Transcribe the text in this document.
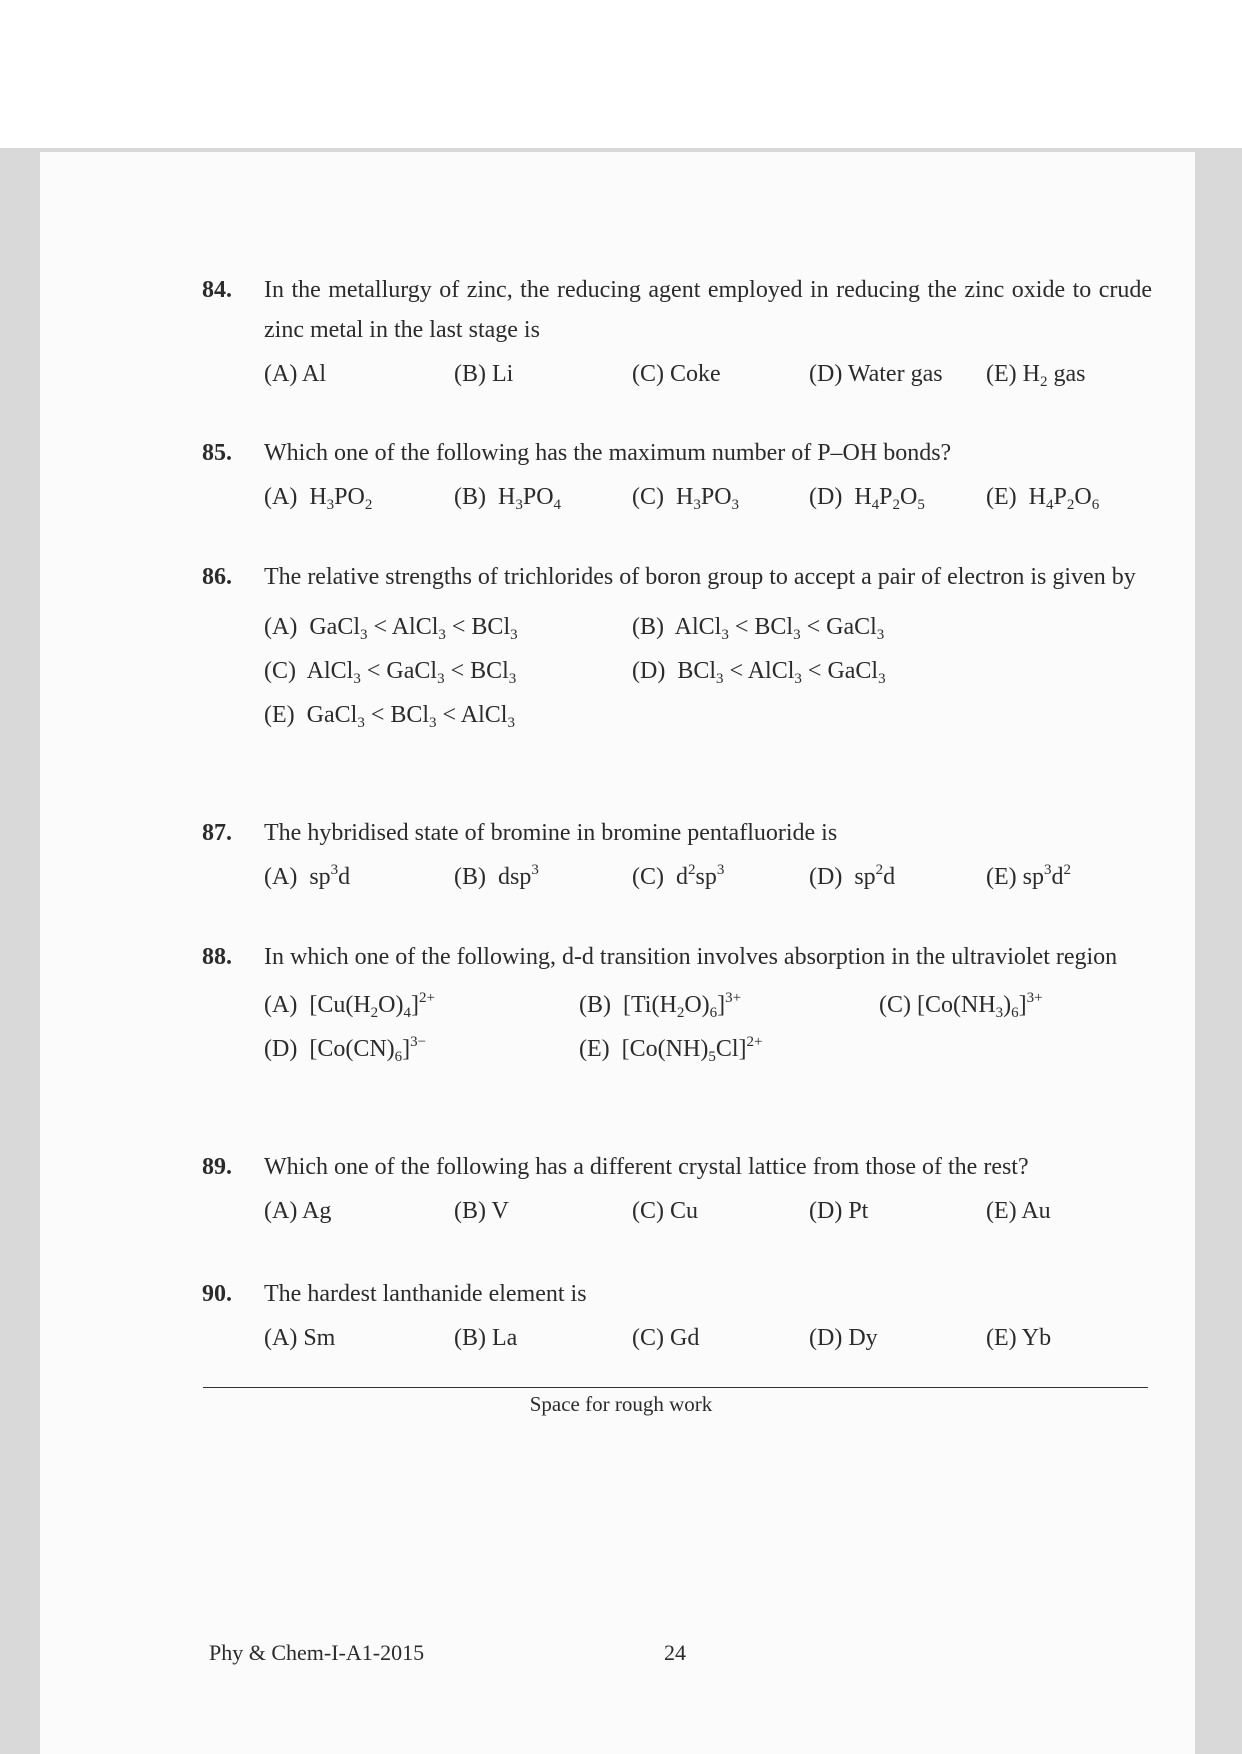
84. In the metallurgy of zinc, the reducing agent employed in reducing the zinc oxide to crude zinc metal in the last stage is
(A) Al	(B) Li	(C) Coke	(D) Water gas (E) $H_2$ gas
85. Which one of the following has the maximum number of P–OH bonds?
(A)  $H_3PO_2$	(B)  $H_3PO_4$	(C)  $H_3PO_3$	(D)  $H_4P_2O_5$	(E)  $H_4P_2O_6$
86. The relative strengths of trichlorides of boron group to accept a pair of electron is given by
(A)  GaCl$_3$ < AlCl$_3$ < BCl$_3$	(B)  AlCl$_3$ < BCl$_3$ < GaCl$_3$
(C)  AlCl$_3$ < GaCl$_3$ < BCl$_3$	(D)  BCl$_3$ < AlCl$_3$ < GaCl$_3$
(E)  GaCl$_3$ < BCl$_3$ < AlCl$_3$
87. The hybridised state of bromine in bromine pentafluoride is
(A)  $sp^3d$	(B)  dsp$^3$	(C)  $d^2sp^3$	(D)  $sp^2d$	(E) $sp^3d^2$
88. In which one of the following, d-d transition involves absorption in the ultraviolet region
(A)  $[Cu(H_2O)_4]^{2+}$	(B)  $[Ti(H_2O)_6]^{3+}$	(C) $[Co(NH_3)_6]^{3+}$
(D)  $[Co(CN)_6]^{3-}$	(E)  $[Co(NH)_5Cl]^{2+}$
89. Which one of the following has a different crystal lattice from those of the rest?
(A) Ag	(B) V	(C) Cu	(D) Pt	(E) Au
90. The hardest lanthanide element is
(A) Sm	(B) La	(C) Gd	(D) Dy	(E) Yb
Space for rough work
Phy & Chem-I-A1-2015	24
